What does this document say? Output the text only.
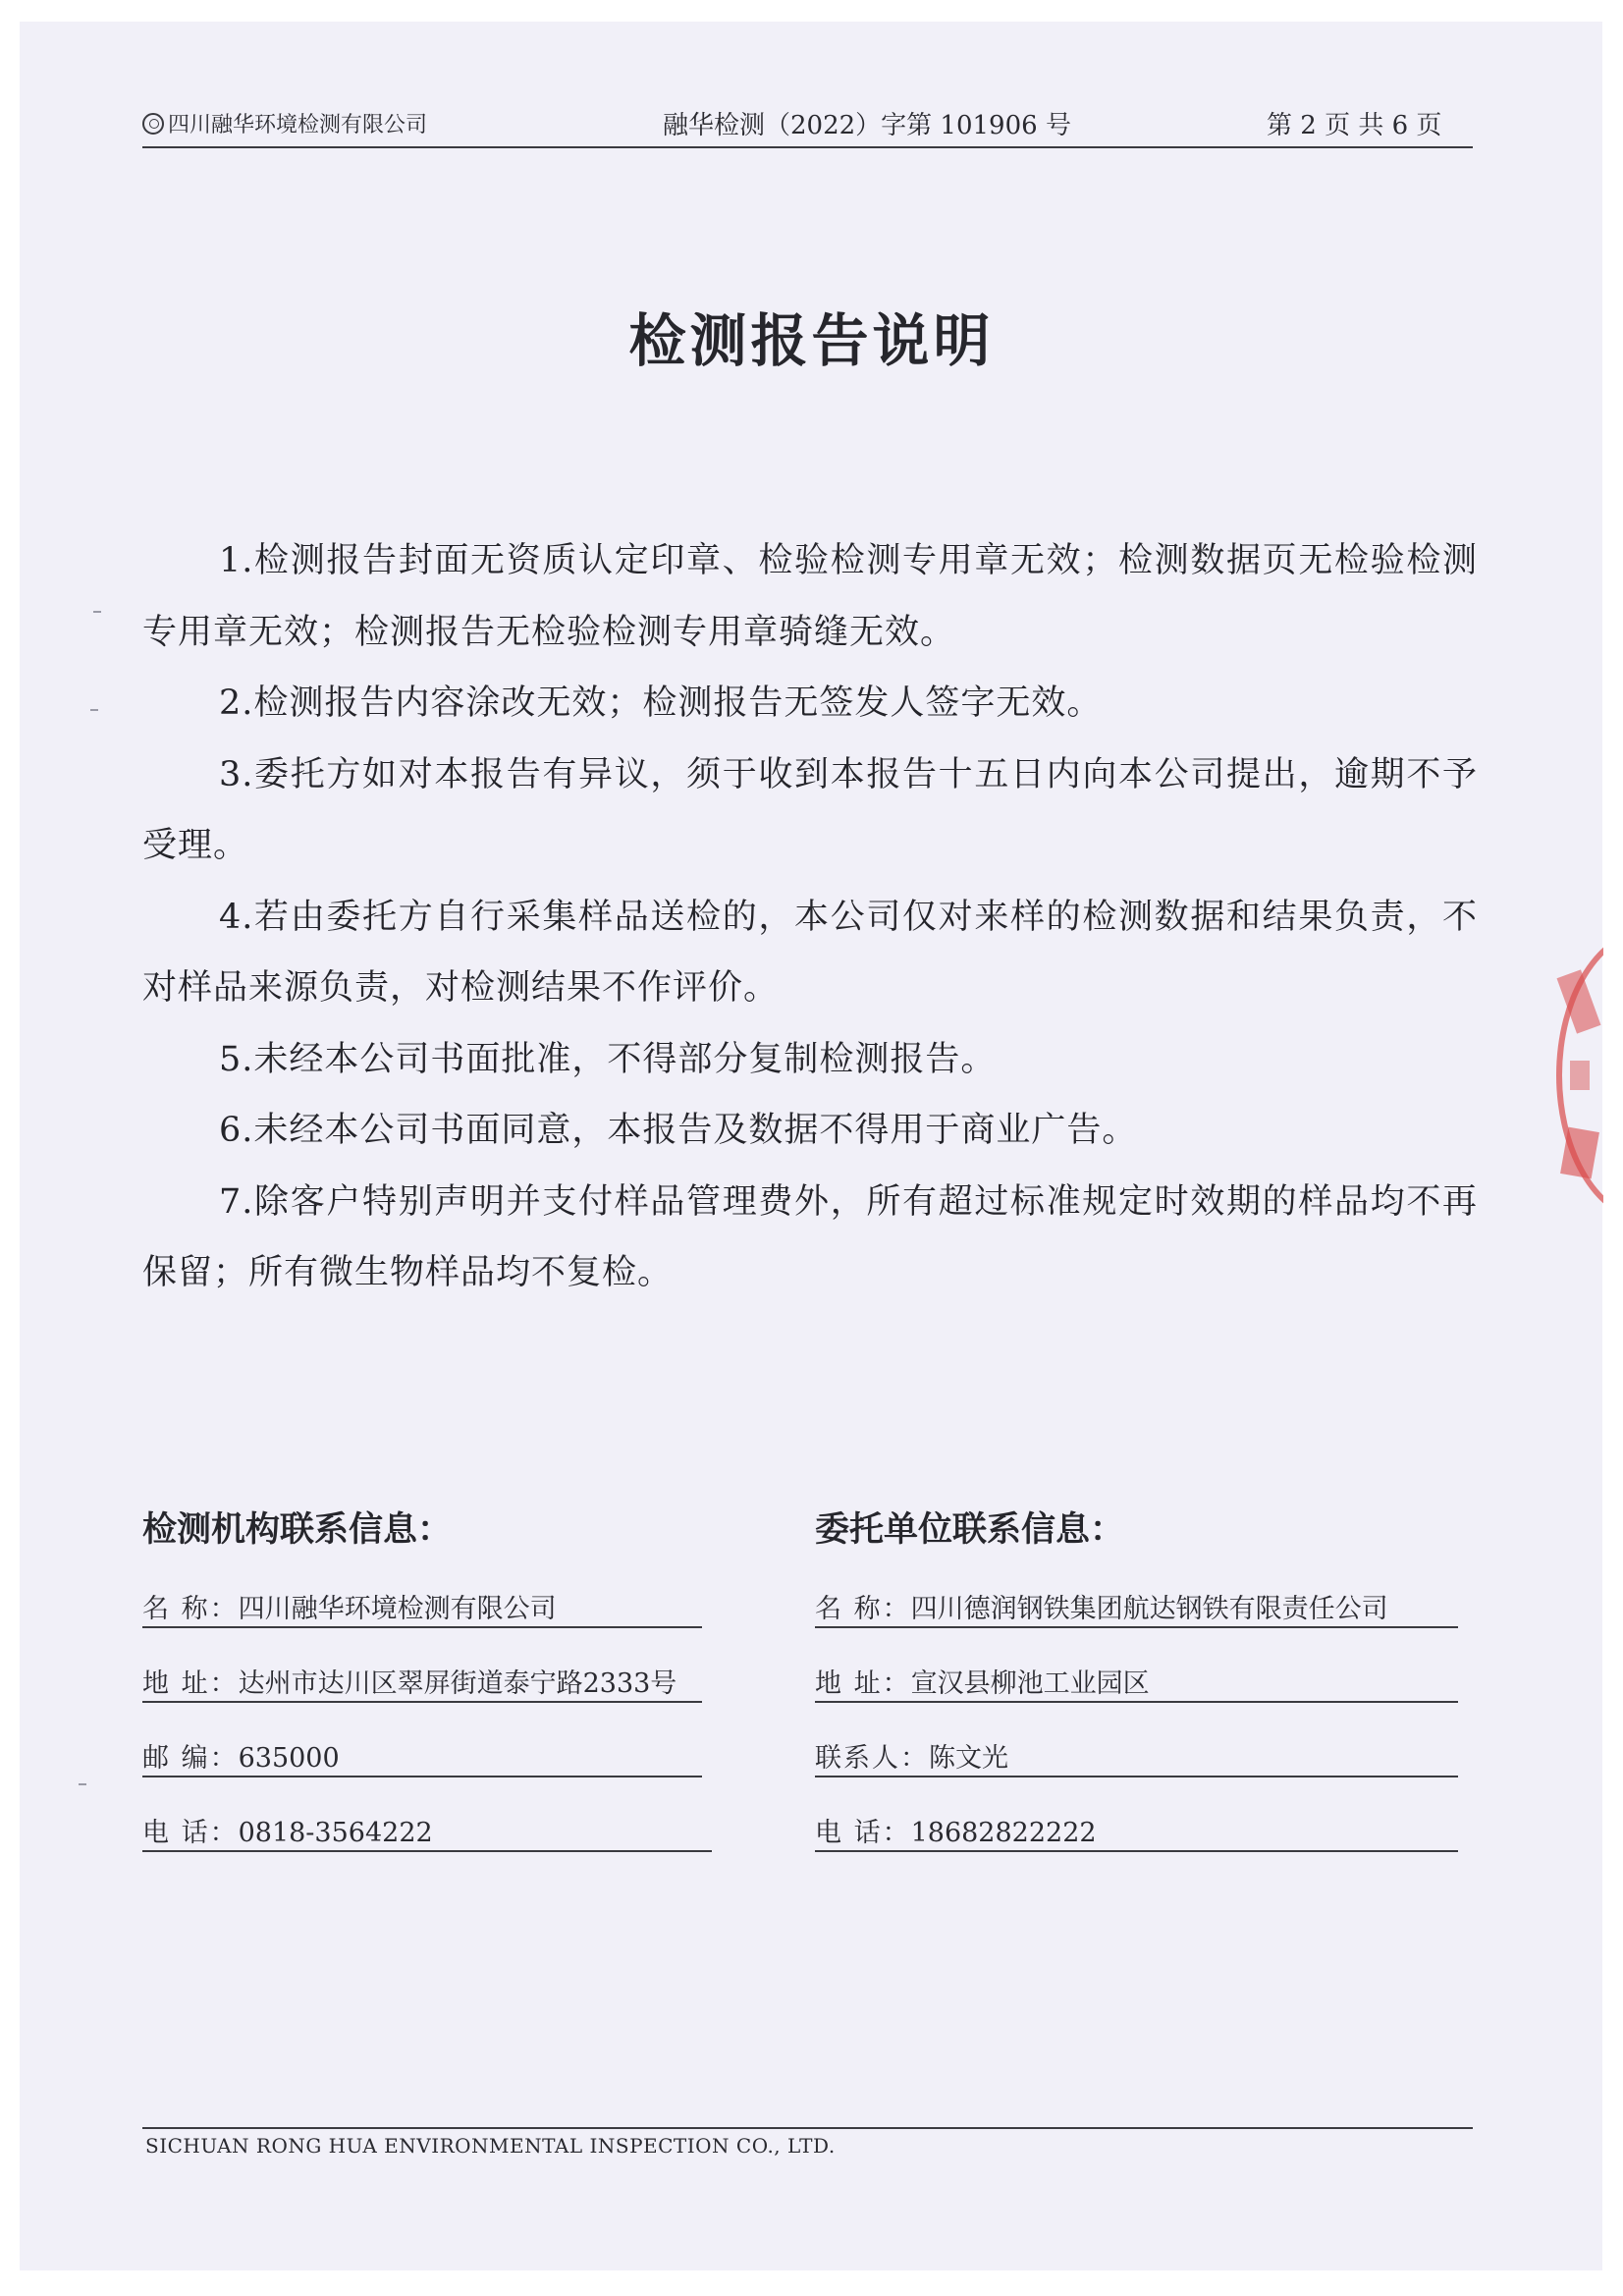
四川融华环境检测有限公司	融华检测（2022）字第 101906 号	第 2 页 共 6 页
检测报告说明

1.检测报告封面无资质认定印章、检验检测专用章无效；检测数据页无检验检测专用章无效；检测报告无检验检测专用章骑缝无效。

2.检测报告内容涂改无效；检测报告无签发人签字无效。

3.委托方如对本报告有异议，须于收到本报告十五日内向本公司提出，逾期不予受理。

4.若由委托方自行采集样品送检的，本公司仅对来样的检测数据和结果负责，不对样品来源负责，对检测结果不作评价。

5.未经本公司书面批准，不得部分复制检测报告。

6.未经本公司书面同意，本报告及数据不得用于商业广告。

7.除客户特别声明并支付样品管理费外，所有超过标准规定时效期的样品均不再保留；所有微生物样品均不复检。

检测机构联系信息：
名 称：四川融华环境检测有限公司
地 址：达州市达川区翠屏街道泰宁路2333号
邮 编：635000
电 话：0818-3564222
委托单位联系信息：
名 称：四川德润钢铁集团航达钢铁有限责任公司
地 址：宣汉县柳池工业园区
联系人：陈文光
电 话：18682822222
SICHUAN RONG HUA ENVIRONMENTAL INSPECTION CO., LTD.
